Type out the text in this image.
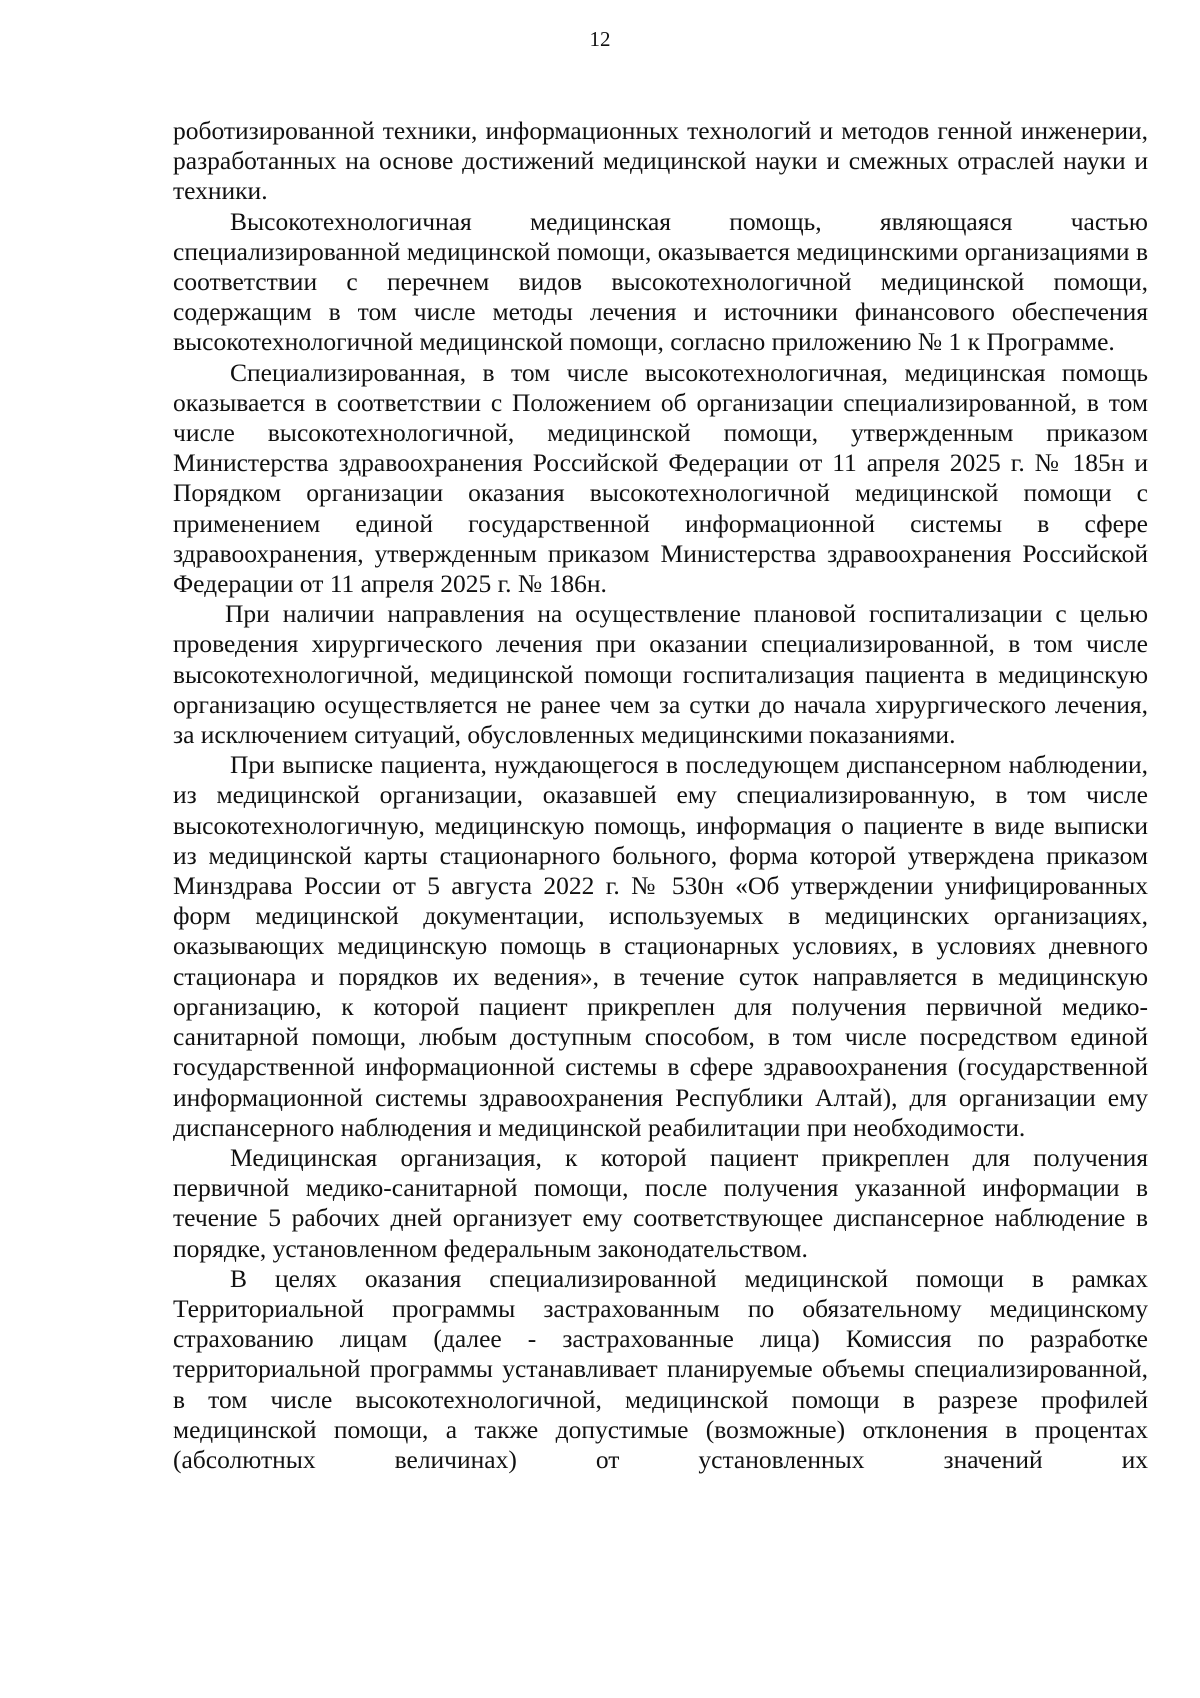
12

роботизированной техники, информационных технологий и методов генной инженерии, разработанных на основе достижений медицинской науки и смежных отраслей науки и техники.

Высокотехнологичная медицинская помощь, являющаяся частью специализированной медицинской помощи, оказывается медицинскими организациями в соответствии с перечнем видов высокотехнологичной медицинской помощи, содержащим в том числе методы лечения и источники финансового обеспечения высокотехнологичной медицинской помощи, согласно приложению № 1 к Программе.

Специализированная, в том числе высокотехнологичная, медицинская помощь оказывается в соответствии с Положением об организации специализированной, в том числе высокотехнологичной, медицинской помощи, утвержденным приказом Министерства здравоохранения Российской Федерации от 11 апреля 2025 г. № 185н и Порядком организации оказания высокотехнологичной медицинской помощи с применением единой государственной информационной системы в сфере здравоохранения, утвержденным приказом Министерства здравоохранения Российской Федерации от 11 апреля 2025 г. № 186н.

При наличии направления на осуществление плановой госпитализации с целью проведения хирургического лечения при оказании специализированной, в том числе высокотехнологичной, медицинской помощи госпитализация пациента в медицинскую организацию осуществляется не ранее чем за сутки до начала хирургического лечения, за исключением ситуаций, обусловленных медицинскими показаниями.

При выписке пациента, нуждающегося в последующем диспансерном наблюдении, из медицинской организации, оказавшей ему специализированную, в том числе высокотехнологичную, медицинскую помощь, информация о пациенте в виде выписки из медицинской карты стационарного больного, форма которой утверждена приказом Минздрава России от 5 августа 2022 г. № 530н «Об утверждении унифицированных форм медицинской документации, используемых в медицинских организациях, оказывающих медицинскую помощь в стационарных условиях, в условиях дневного стационара и порядков их ведения», в течение суток направляется в медицинскую организацию, к которой пациент прикреплен для получения первичной медико-санитарной помощи, любым доступным способом, в том числе посредством единой государственной информационной системы в сфере здравоохранения (государственной информационной системы здравоохранения Республики Алтай), для организации ему диспансерного наблюдения и медицинской реабилитации при необходимости.

Медицинская организация, к которой пациент прикреплен для получения первичной медико-санитарной помощи, после получения указанной информации в течение 5 рабочих дней организует ему соответствующее диспансерное наблюдение в порядке, установленном федеральным законодательством.

В целях оказания специализированной медицинской помощи в рамках Территориальной программы застрахованным по обязательному медицинскому страхованию лицам (далее - застрахованные лица) Комиссия по разработке территориальной программы устанавливает планируемые объемы специализированной, в том числе высокотехнологичной, медицинской помощи в разрезе профилей медицинской помощи, а также допустимые (возможные) отклонения в процентах (абсолютных величинах) от установленных значений их
